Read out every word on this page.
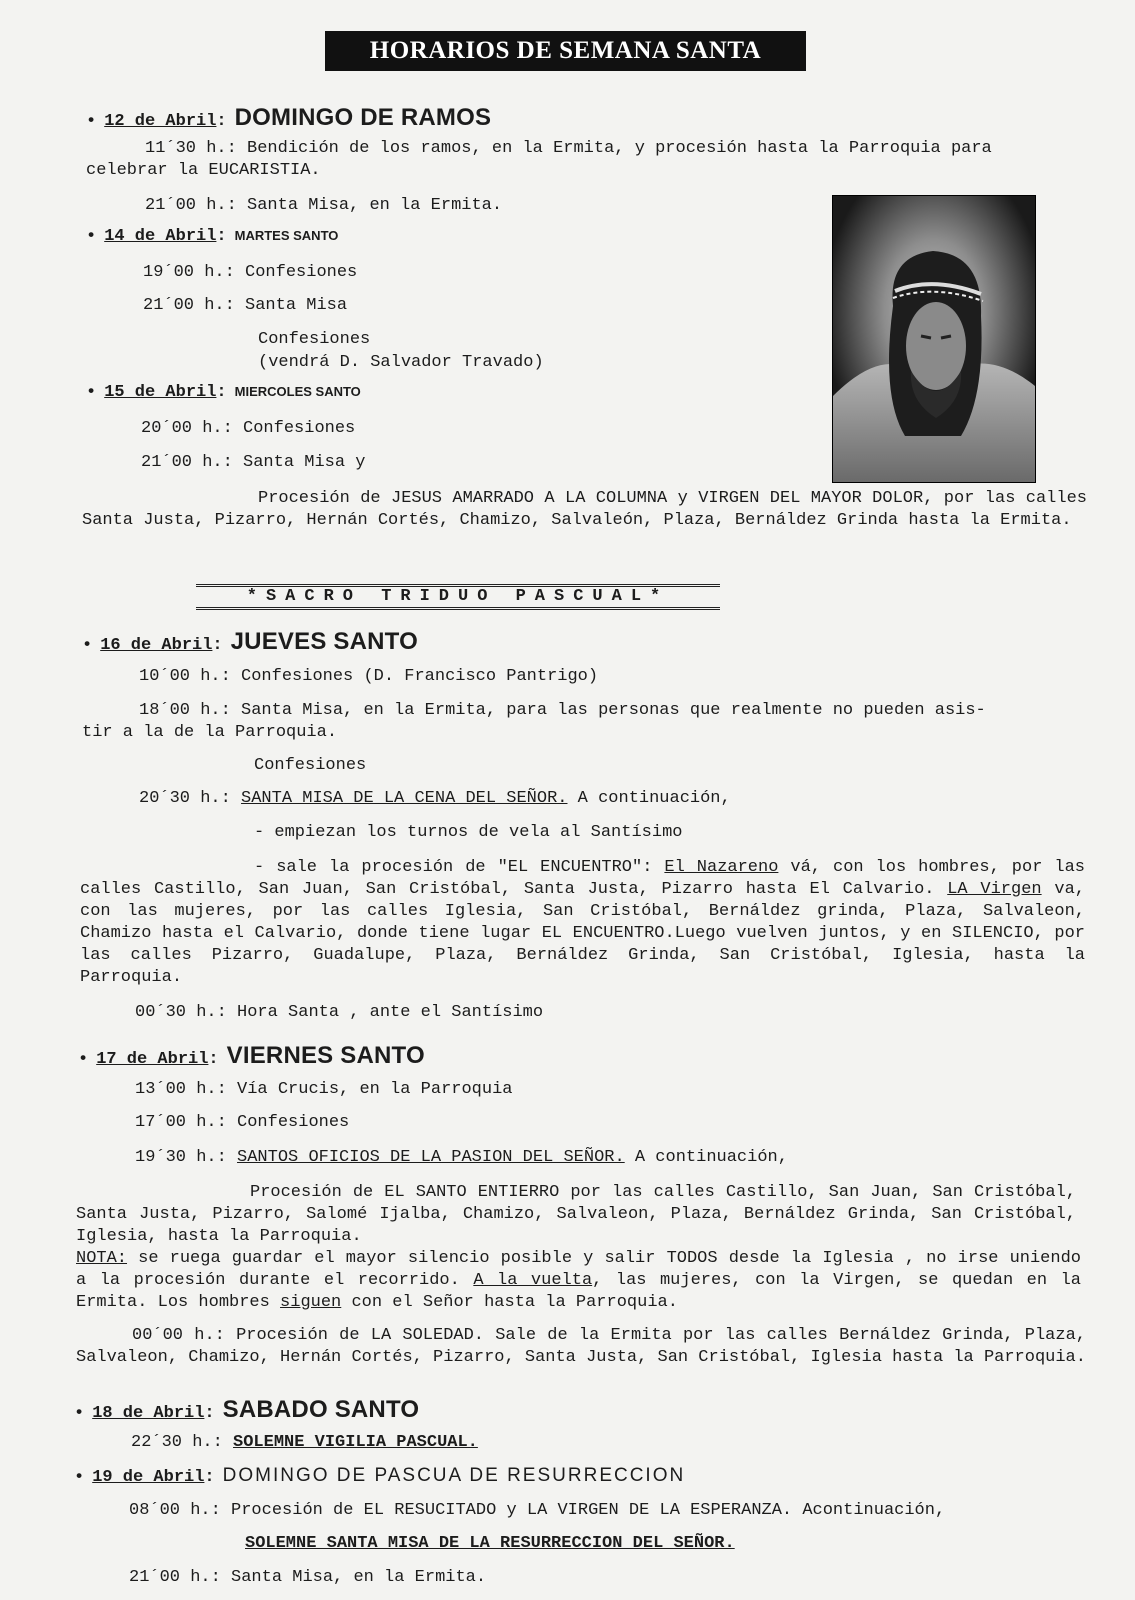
HORARIOS DE SEMANA SANTA
• 12 de Abril: DOMINGO DE RAMOS
11´30 h.: Bendición de los ramos, en la Ermita, y procesión hasta la Parroquia para
celebrar la EUCARISTIA.
21´00 h.: Santa Misa, en la Ermita.
• 14 de Abril: MARTES SANTO
19´00 h.: Confesiones
21´00 h.: Santa Misa
Confesiones
(vendrá D. Salvador Travado)
• 15 de Abril: MIERCOLES SANTO
20´00 h.: Confesiones
21´00 h.: Santa Misa y
Procesión de JESUS AMARRADO A LA COLUMNA y VIRGEN DEL MAYOR DOLOR, por las calles Santa Justa, Pizarro, Hernán Cortés, Chamizo, Salvaleón, Plaza, Bernáldez Grinda hasta la Ermita.
*SACRO TRIDUO PASCUAL*
• 16 de Abril: JUEVES SANTO
10´00 h.: Confesiones (D. Francisco Pantrigo)
18´00 h.: Santa Misa, en la Ermita, para las personas que realmente no pueden asis-
tir a la de la Parroquia.
Confesiones
20´30 h.: SANTA MISA DE LA CENA DEL SEÑOR. A continuación,
- empiezan los turnos de vela al Santísimo
- sale la procesión de "EL ENCUENTRO": El Nazareno vá, con los hombres, por las calles Castillo, San Juan, San Cristóbal, Santa Justa, Pizarro hasta El Calvario. LA Virgen va, con las mujeres, por las calles Iglesia, San Cristóbal, Bernáldez grinda, Plaza, Salvaleon, Chamizo hasta el Calvario, donde tiene lugar EL ENCUENTRO.Luego vuelven juntos, y en SILENCIO, por las calles Pizarro, Guadalupe, Plaza, Bernáldez Grinda, San Cristóbal, Iglesia, hasta la Parroquia.
00´30 h.: Hora Santa , ante el Santísimo
• 17 de Abril: VIERNES SANTO
13´00 h.: Vía Crucis, en la Parroquia
17´00 h.: Confesiones
19´30 h.: SANTOS OFICIOS DE LA PASION DEL SEÑOR. A continuación,
Procesión de EL SANTO ENTIERRO por las calles Castillo, San Juan, San Cristóbal, Santa Justa, Pizarro, Salomé Ijalba, Chamizo, Salvaleon, Plaza, Bernáldez Grinda, San Cristóbal, Iglesia, hasta la Parroquia.
NOTA: se ruega guardar el mayor silencio posible y salir TODOS desde la Iglesia , no irse uniendo a la procesión durante el recorrido. A la vuelta, las mujeres, con la Virgen, se quedan en la Ermita. Los hombres siguen con el Señor hasta la Parroquia.
00´00 h.: Procesión de LA SOLEDAD. Sale de la Ermita por las calles Bernáldez Grinda, Plaza, Salvaleon, Chamizo, Hernán Cortés, Pizarro, Santa Justa, San Cristóbal, Iglesia hasta la Parroquia.
• 18 de Abril: SABADO SANTO
22´30 h.: SOLEMNE VIGILIA PASCUAL.
• 19 de Abril: DOMINGO DE PASCUA DE RESURRECCION
08´00 h.: Procesión de EL RESUCITADO y LA VIRGEN DE LA ESPERANZA. Acontinuación,
SOLEMNE SANTA MISA DE LA RESURRECCION DEL SEÑOR.
21´00 h.: Santa Misa, en la Ermita.
